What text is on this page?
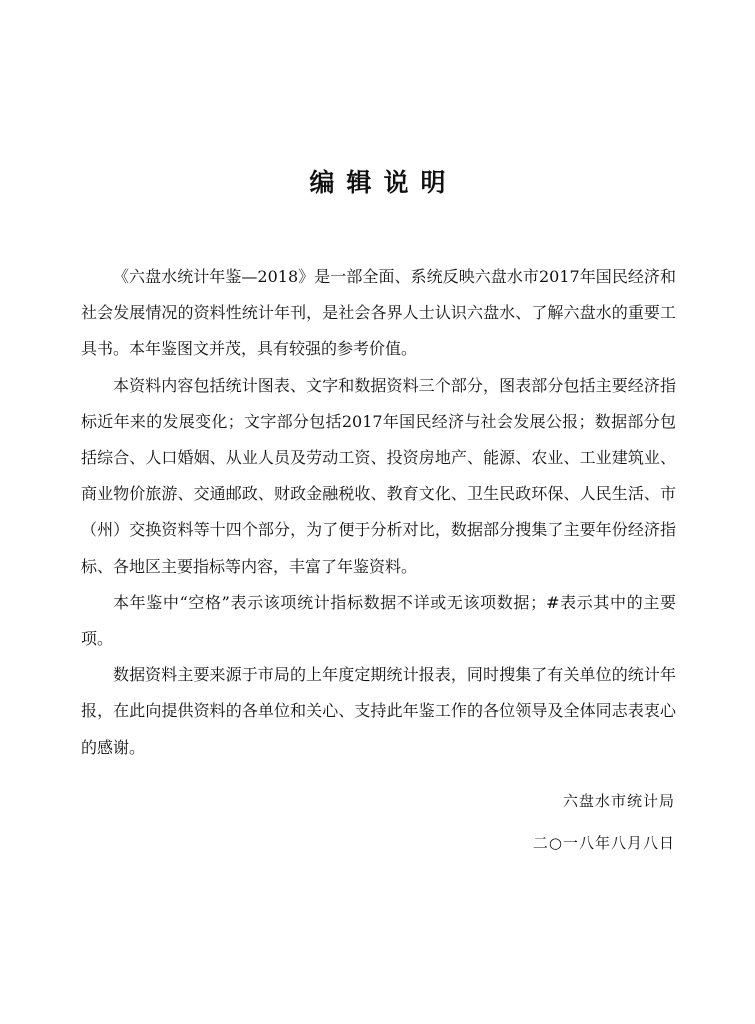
编辑说明

《六盘水统计年鉴—2018》是一部全面、系统反映六盘水市2017年国民经济和社会发展情况的资料性统计年刊，是社会各界人士认识六盘水、了解六盘水的重要工具书。本年鉴图文并茂，具有较强的参考价值。

本资料内容包括统计图表、文字和数据资料三个部分，图表部分包括主要经济指标近年来的发展变化；文字部分包括2017年国民经济与社会发展公报；数据部分包括综合、人口婚姻、从业人员及劳动工资、投资房地产、能源、农业、工业建筑业、商业物价旅游、交通邮政、财政金融税收、教育文化、卫生民政环保、人民生活、市（州）交换资料等十四个部分，为了便于分析对比，数据部分搜集了主要年份经济指标、各地区主要指标等内容，丰富了年鉴资料。

本年鉴中“空格”表示该项统计指标数据不详或无该项数据；#表示其中的主要项。

数据资料主要来源于市局的上年度定期统计报表，同时搜集了有关单位的统计年报，在此向提供资料的各单位和关心、支持此年鉴工作的各位领导及全体同志表衷心的感谢。

六盘水市统计局
二○一八年八月八日
